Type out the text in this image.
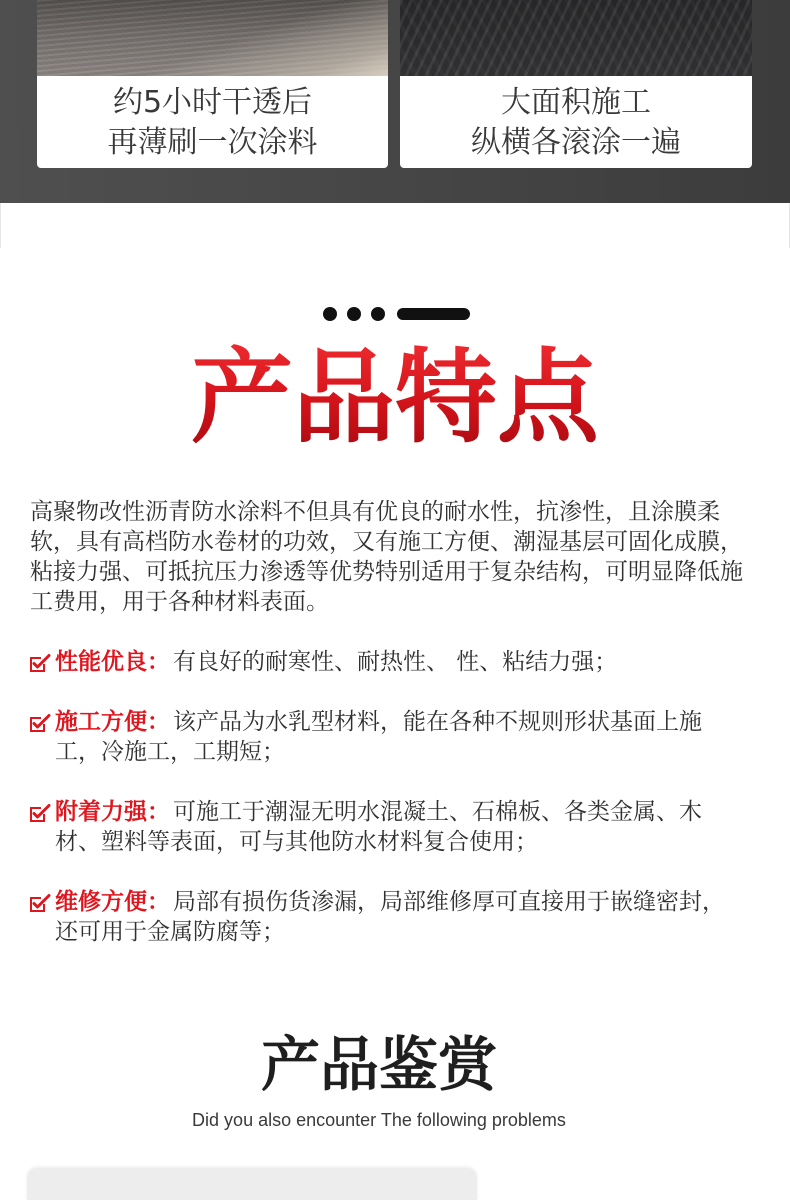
约5小时干透后
再薄刷一次涂料
大面积施工
纵横各滚涂一遍
产品特点
高聚物改性沥青防水涂料不但具有优良的耐水性，抗渗性，且涂膜柔
软，具有高档防水卷材的功效，又有施工方便、潮湿基层可固化成膜，
粘接力强、可抵抗压力渗透等优势特别适用于复杂结构，可明显降低施
工费用，用于各种材料表面。
性能优良： 有良好的耐寒性、耐热性、 性、粘结力强；
施工方便： 该产品为水乳型材料，能在各种不规则形状基面上施
工，冷施工，工期短；
附着力强： 可施工于潮湿无明水混凝土、石棉板、各类金属、木
材、塑料等表面，可与其他防水材料复合使用；
维修方便： 局部有损伤货渗漏，局部维修厚可直接用于嵌缝密封，
还可用于金属防腐等；
产品鉴赏
Did you also encounter The following problems
